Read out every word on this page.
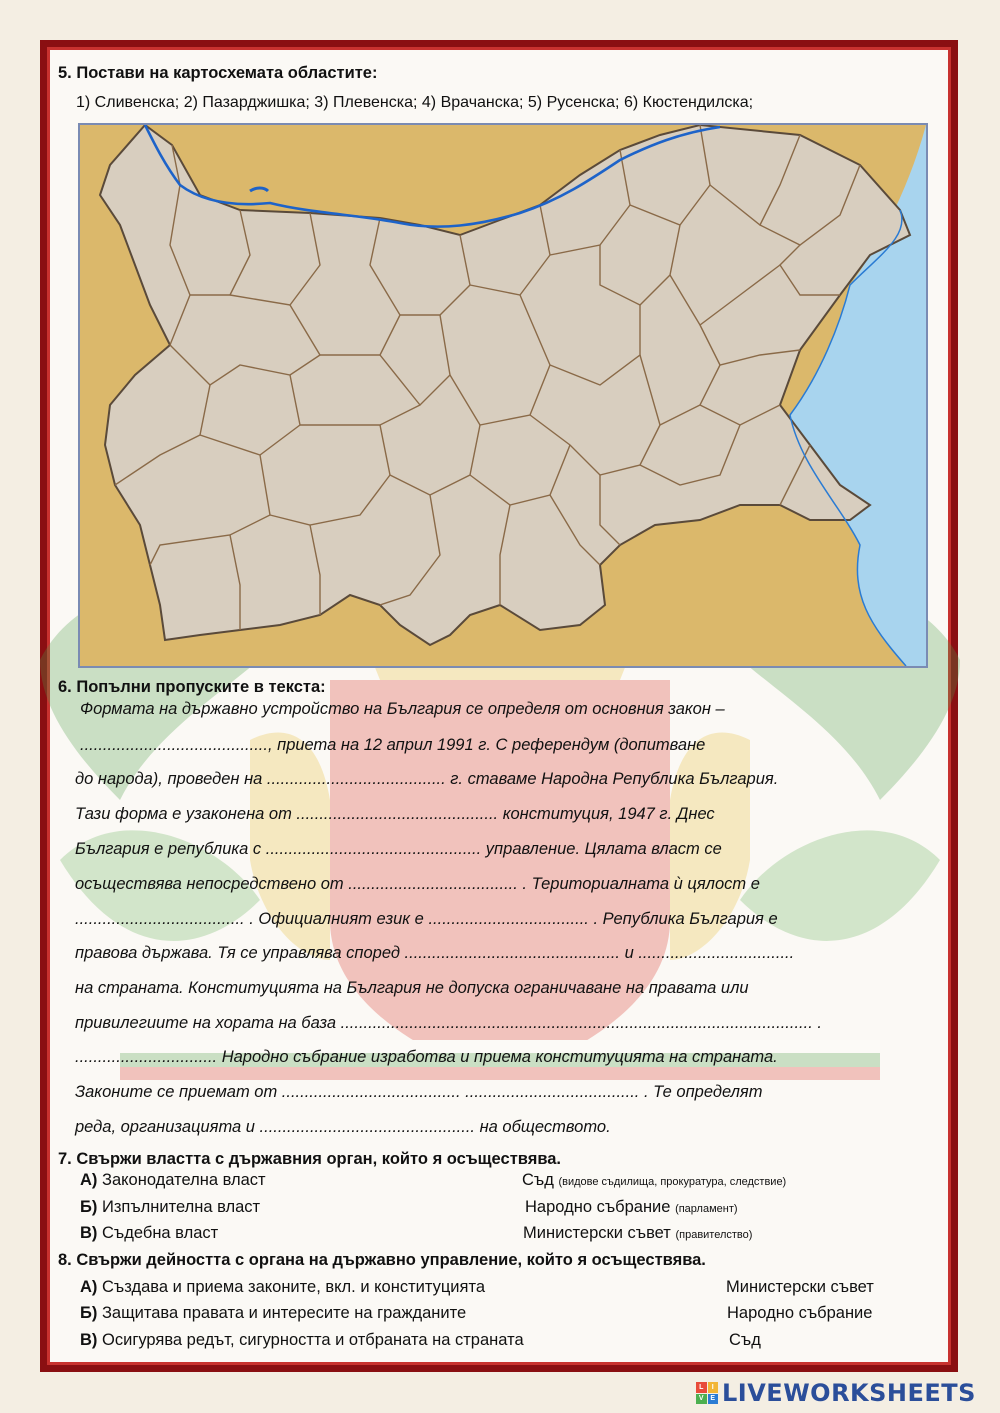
5. Постави на картосхемата областите:
1) Сливенска; 2) Пазарджишка; 3) Плевенска; 4) Врачанска; 5) Русенска; 6) Кюстендилска;
6. Попълни пропуските в текста:
Формата на държавно устройство на България се определя от основния закон –
........................................., приета на 12 април 1991 г. С референдум (допитване
до народа), проведен на ....................................... г. ставаме Народна Република България.
Тази форма е узаконена от ............................................ конституция, 1947 г. Днес
България е република с ............................................... управление. Цялата власт се
осъществява непосредствено от ..................................... . Териториалната ѝ цялост е
..................................... . Официалният език е ................................... . Република България е
правова държава. Тя се управлява според ............................................... и ..................................
на страната. Конституцията на България не допуска ограничаване на правата или
привилегиите на хората на база ....................................................................................................... .
............................... Народно събрание изработва и приема конституцията на страната.
Законите се приемат от ....................................... ...................................... . Те определят
реда, организацията и ............................................... на обществото.
7. Свържи властта с държавния орган, който я осъществява.
А) Законодателна власт	Съд (видове съдилища, прокуратура, следствие)
Б) Изпълнителна власт	Народно събрание (парламент)
В) Съдебна власт	Министерски съвет (правителство)
8. Свържи дейността с органа на държавно управление, който я осъществява.
А) Създава и приема законите, вкл. и конституцията	Министерски съвет
Б) Защитава правата и интересите на гражданите	Народно събрание
В) Осигурява редът, сигурността и отбраната на страната	Съд
L	I
V E LIVEWORKSHEETS
